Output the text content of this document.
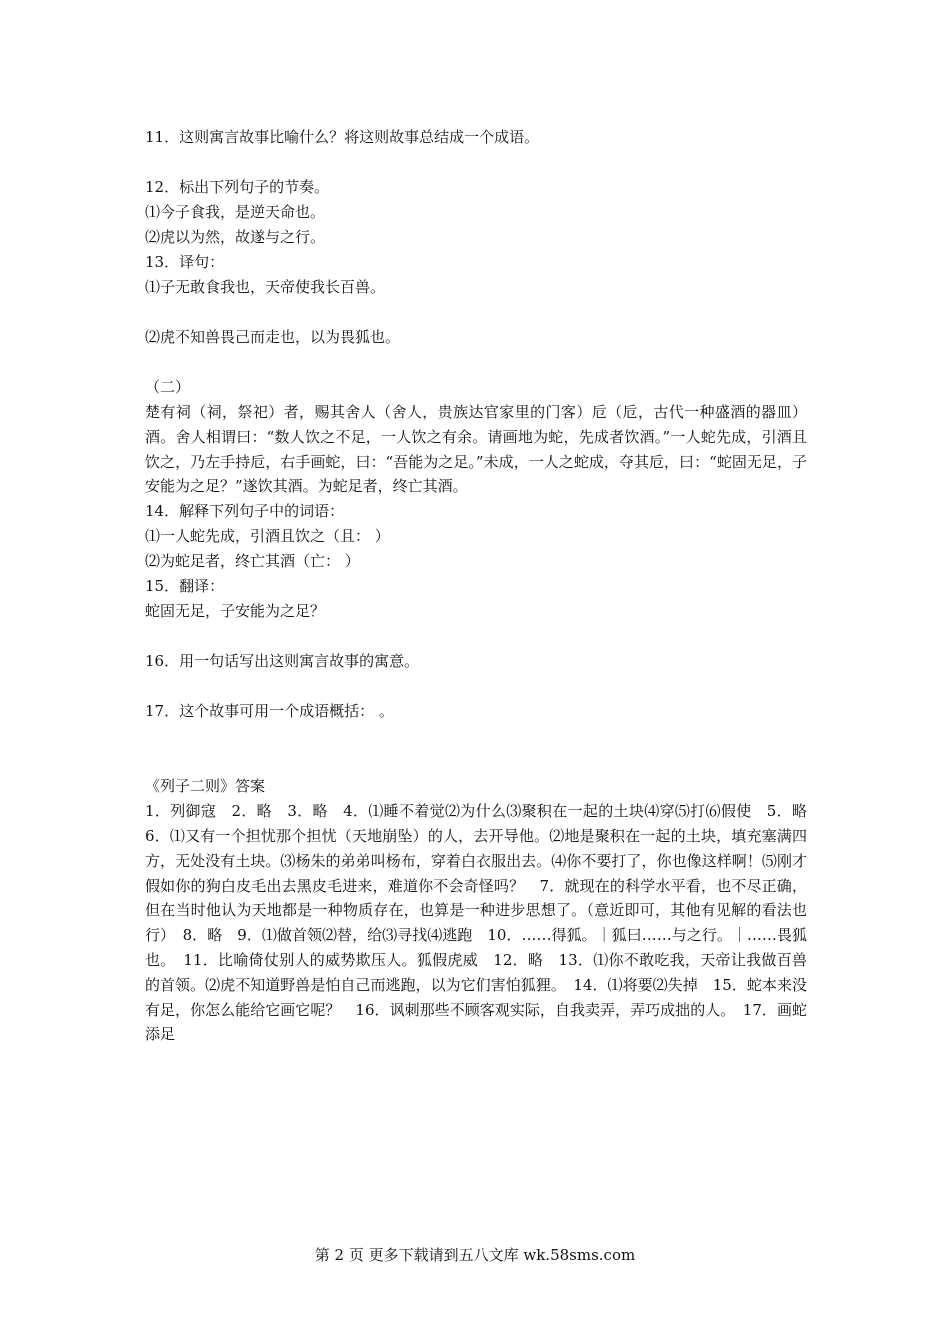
11．这则寓言故事比喻什么？将这则故事总结成一个成语。

12．标出下列句子的节奏。

⑴今子食我，是逆天命也。

⑵虎以为然，故遂与之行。

13．译句：

⑴子无敢食我也，天帝使我长百兽。

⑵虎不知兽畏己而走也，以为畏狐也。

（二）

楚有祠（祠，祭祀）者，赐其舍人（舍人，贵族达官家里的门客）卮（卮，古代一种盛酒的器皿）酒。舍人相谓曰：“数人饮之不足，一人饮之有余。请画地为蛇，先成者饮酒。”一人蛇先成，引酒且饮之，乃左手持卮，右手画蛇，曰：“吾能为之足。”未成，一人之蛇成，夺其卮，曰：“蛇固无足，子安能为之足？”遂饮其酒。为蛇足者，终亡其酒。

14．解释下列句子中的词语：

⑴一人蛇先成，引酒且饮之（且： ）

⑵为蛇足者，终亡其酒（亡： ）

15．翻译：

蛇固无足，子安能为之足？

16．用一句话写出这则寓言故事的寓意。

17．这个故事可用一个成语概括： 。

《列子二则》答案

1．列御寇　2．略　3．略　4．⑴睡不着觉⑵为什么⑶聚积在一起的土块⑷穿⑸打⑹假使　5．略　6．⑴又有一个担忧那个担忧（天地崩坠）的人，去开导他。⑵地是聚积在一起的土块，填充塞满四方，无处没有土块。⑶杨朱的弟弟叫杨布，穿着白衣服出去。⑷你不要打了，你也像这样啊！⑸刚才假如你的狗白皮毛出去黑皮毛进来，难道你不会奇怪吗？　7．就现在的科学水平看，也不尽正确，但在当时他认为天地都是一种物质存在，也算是一种进步思想了。（意近即可，其他有见解的看法也行）　8．略　9．⑴做首领⑵替，给⑶寻找⑷逃跑　10．……得狐。｜狐曰……与之行。｜……畏狐也。　11．比喻倚仗别人的威势欺压人。狐假虎威　12．略　13．⑴你不敢吃我，天帝让我做百兽的首领。⑵虎不知道野兽是怕自己而逃跑，以为它们害怕狐狸。　14．⑴将要⑵失掉　15．蛇本来没有足，你怎么能给它画它呢？　16．讽刺那些不顾客观实际，自我卖弄，弄巧成拙的人。　17．画蛇添足

第 2 页 更多下载请到五八文库 wk.58sms.com
